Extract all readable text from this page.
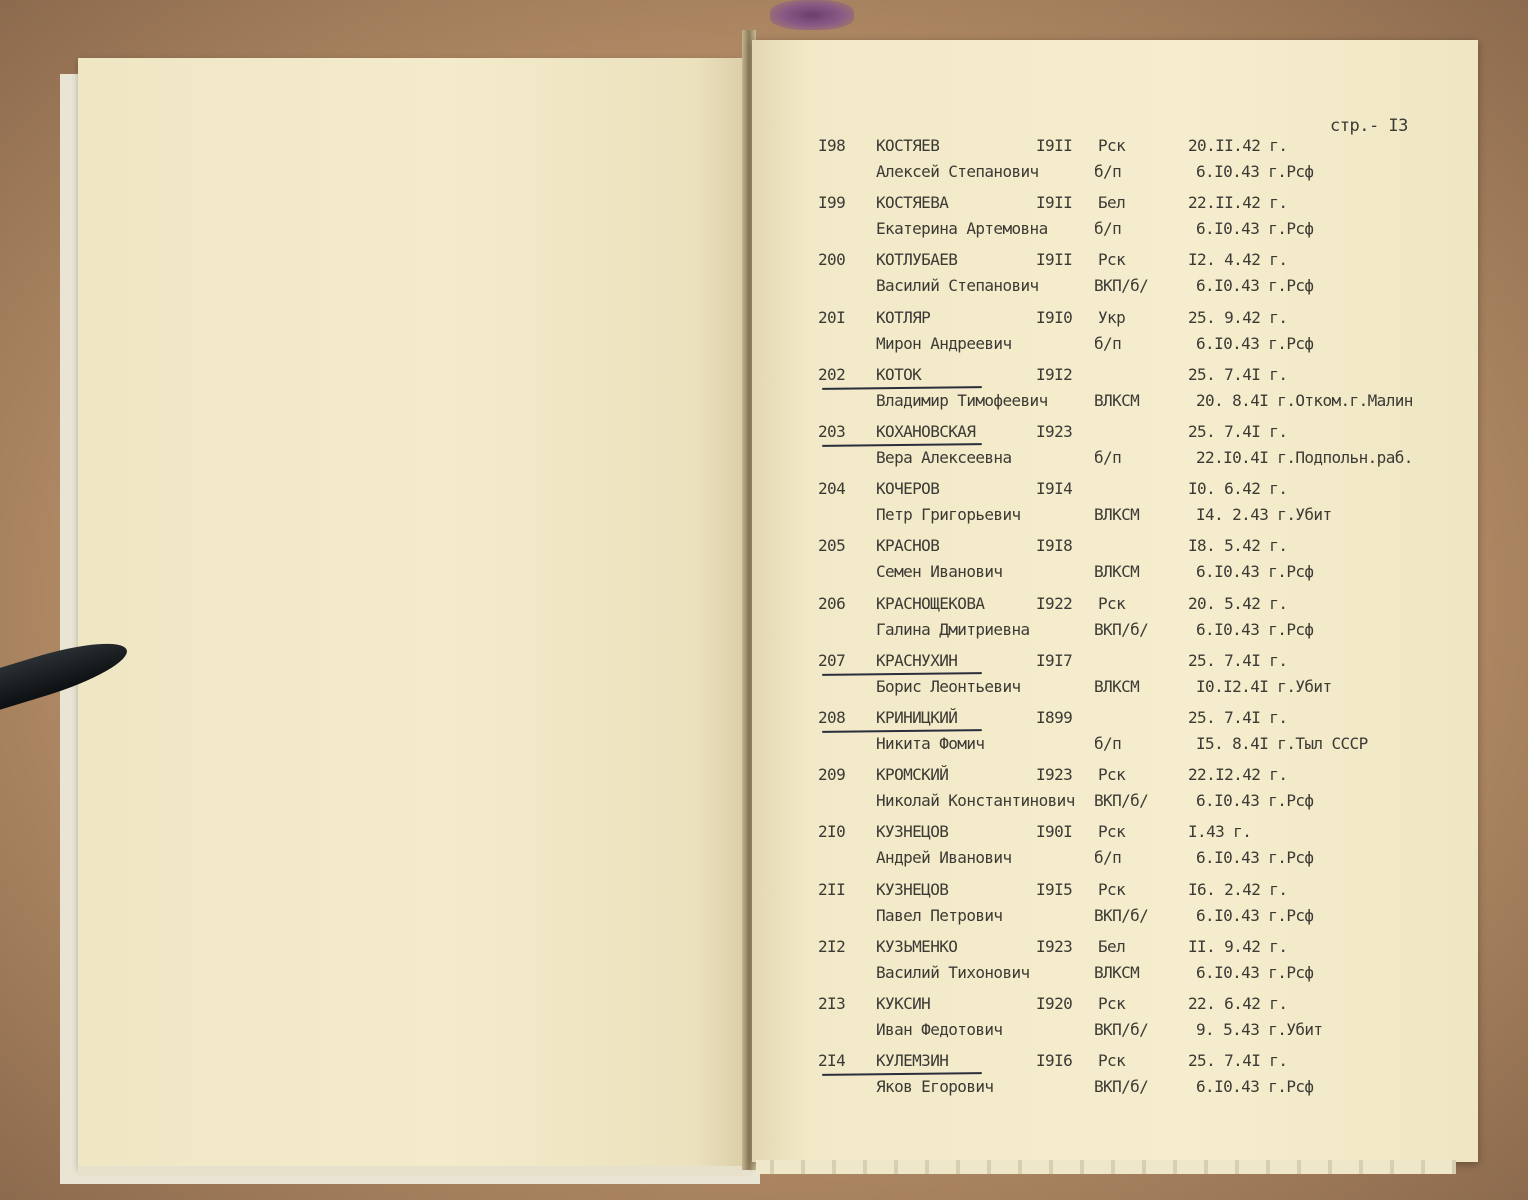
стр.- I3
I98 КОСТЯЕВ	I9II Рск	20.II.42 г.
Алексей Степанович	б/п	6.I0.43 г.Рсф
I99 КОСТЯЕВА	I9II Бел	22.II.42 г.
Екатерина Артемовна	б/п	6.I0.43 г.Рсф
200 КОТЛУБАЕВ	I9II Рск	I2. 4.42 г.
Василий Степанович	ВКП/б/	6.I0.43 г.Рсф
20I КОТЛЯР	I9I0 Укр	25. 9.42 г.
Мирон Андреевич	б/п	6.I0.43 г.Рсф
202 КОТОК	I9I2	25. 7.4I г.
Владимир Тимофеевич	ВЛКСМ	20. 8.4I г.Отком.г.Малин
203 КОХАНОВСКАЯ	I923	25. 7.4I г.
Вера Алексеевна	б/п	22.I0.4I г.Подпольн.раб.
204 КОЧЕРОВ	I9I4	I0. 6.42 г.
Петр Григорьевич	ВЛКСМ	I4. 2.43 г.Убит
205 КРАСНОВ	I9I8	I8. 5.42 г.
Семен Иванович	ВЛКСМ	6.I0.43 г.Рсф
206 КРАСНОЩЕКОВА	I922 Рск	20. 5.42 г.
Галина Дмитриевна	ВКП/б/	6.I0.43 г.Рсф
207 КРАСНУХИН	I9I7	25. 7.4I г.
Борис Леонтьевич	ВЛКСМ	I0.I2.4I г.Убит
208 КРИНИЦКИЙ	I899	25. 7.4I г.
Никита Фомич	б/п	I5. 8.4I г.Тыл СССР
209 КРОМСКИЙ	I923 Рск	22.I2.42 г.
Николай Константинович ВКП/б/	6.I0.43 г.Рсф
2I0 КУЗНЕЦОВ	I90I Рск	I.43 г.
Андрей Иванович	б/п	6.I0.43 г.Рсф
2II КУЗНЕЦОВ	I9I5 Рск	I6. 2.42 г.
Павел Петрович	ВКП/б/	6.I0.43 г.Рсф
2I2 КУЗЬМЕНКО	I923 Бел	II. 9.42 г.
Василий Тихонович	ВЛКСМ	6.I0.43 г.Рсф
2I3 КУКСИН	I920 Рск	22. 6.42 г.
Иван Федотович	ВКП/б/	9. 5.43 г.Убит
2I4 КУЛЕМЗИН	I9I6 Рск	25. 7.4I г.
Яков Егорович	ВКП/б/	6.I0.43 г.Рсф
